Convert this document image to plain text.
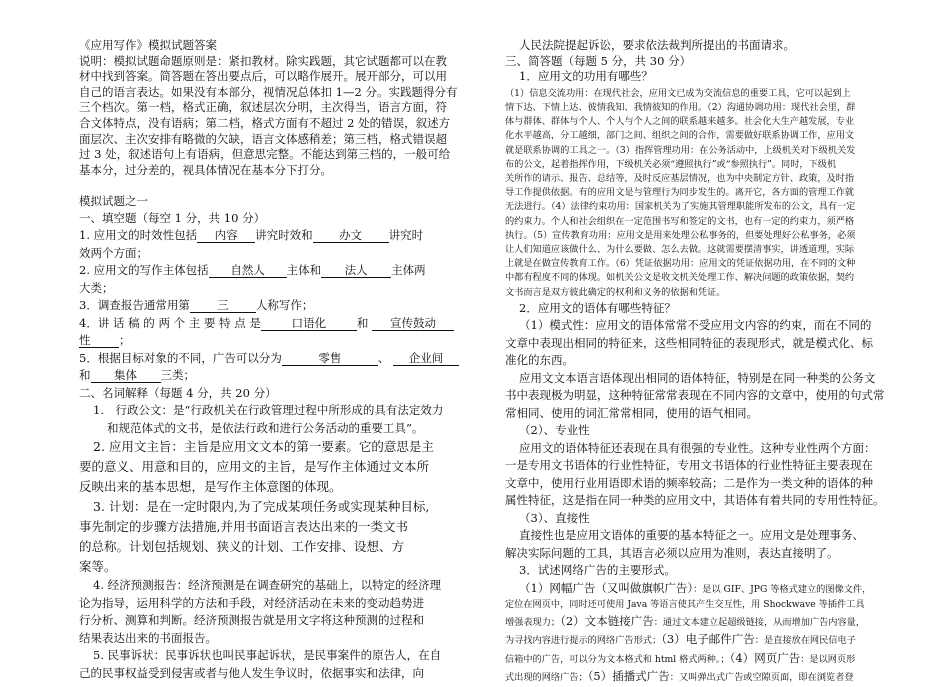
《应用写作》模拟试题答案
说明：模拟试题命题原则是：紧扣教材。除实践题，其它试题都可以在教
材中找到答案。简答题在答出要点后，可以略作展开。展开部分，可以用
自己的语言表达。如果没有本部分，视情况总体扣 1—2 分。实践题得分有
三个档次。第一档，格式正确，叙述层次分明，主次得当，语言方面，符
合文体特点，没有语病；第二档，格式方面有不超过 2 处的错误，叙述方
面层次、主次安排有略微的欠缺，语言文体感稍差；第三档，格式错误超
过 3 处，叙述语句上有语病，但意思完整。不能达到第三档的，一般可给
基本分，过分差的，视具体情况在基本分下打分。
模拟试题之一
一、填空题（每空 1 分，共 10 分）
1. 应用文的时效性包括 内容 讲究时效和 办文 讲究时
效两个方面；
2. 应用文的写作主体包括 自然人 主体和 法人 主体两
大类；
3．调查报告通常用第 三 人称写作；
4．讲 话 稿 的 两 个 主 要 特 点 是	口语化	和 宣传鼓动
性 ；
5．根据目标对象的不同，广告可以分为	零售	、 企业间
和 集体 三类；
二、名词解释（每题 4 分，共 20 分）
1.　行政公文：是“行政机关在行政管理过程中所形成的具有法定效力
和规范体式的文书，是依法行政和进行公务活动的重要工具”。
2. 应用文主旨：主旨是应用文文本的第一要素。它的意思是主
要的意义、用意和目的，应用文的主旨，是写作主体通过文本所
反映出来的基本思想，是写作主体意图的体现。
3. 计划：是在一定时限内,为了完成某项任务或实现某种目标,
事先制定的步骤方法措施,并用书面语言表达出来的一类文书
的总称。计划包括规划、狭义的计划、工作安排、设想、方
案等。
4. 经济预测报告：经济预测是在调查研究的基础上，以特定的经济理
论为指导，运用科学的方法和手段，对经济活动在未来的变动趋势进
行分析、测算和判断。经济预测报告就是用文字将这种预测的过程和
结果表达出来的书面报告。
5. 民事诉状：民事诉状也叫民事起诉状，是民事案件的原告人，在自
己的民事权益受到侵害或者与他人发生争议时，依据事实和法律，向
人民法院提起诉讼，要求依法裁判所提出的书面请求。
三、简答题（每题 5 分，共 30 分）
1．应用文的功用有哪些？
（1）信息交流功用：在现代社会，应用文已成为交流信息的重要工具，它可以起到上
情下达、下情上达、彼情我知、我情彼知的作用。（2）沟通协调功用：现代社会里，群
体与群体、群体与个人、个人与个人之间的联系越来越多。社会化大生产越发展，专业
化水平越高，分工越细，部门之间、组织之间的合作，需要做好联系协调工作，应用文
就是联系协调的工具之一。（3）指挥管理功用：在公务活动中，上级机关对下级机关发
布的公文，起着指挥作用，下级机关必须“遵照执行”或“参照执行”。同时，下级机
关所作的请示、报告、总结等，及时反应基层情况，也为中央制定方针、政策，及时指
导工作提供依据。有的应用文是与管理行为同步发生的。离开它，各方面的管理工作就
无法进行。（4）法律约束功用：国家机关为了实施其管理职能所发布的公文，具有一定
的约束力。个人和社会组织在一定范围书写和签定的文书，也有一定的约束力，须严格
执行。（5）宣传教育功用：应用文是用来处理公私事务的，但要处理好公私事务，必须
让人们知道应该做什么、为什么要做、怎么去做。这就需要摆清事实，讲透道理，实际
上就是在做宣传教育工作。（6）凭证依据功用：应用文的凭证依据功用，在不同的文种
中都有程度不同的体现。如机关公文是收文机关处理工作、解决问题的政策依据，契约
文书而言是双方彼此确定的权利和义务的依据和凭证。
2．应用文的语体有哪些特征？
（1）模式性：应用文的语体常常不受应用文内容的约束，而在不同的
文章中表现出相同的特征来，这些相同特征的表现形式，就是模式化、标
准化的东西。
应用文文本语言语体现出相同的语体特征，特别是在同一种类的公务文
书中表现极为明显，这种特征常常表现在不同内容的文章中，使用的句式常
常相同、使用的词汇常常相同，使用的语气相同。
（2）、专业性
应用文的语体特征还表现在具有很强的专业性。这种专业性两个方面：
一是专用文书语体的行业性特征，专用文书语体的行业性特征主要表现在
文章中，使用行业用语即术语的频率较高；二是作为一类文种的语体的种
属性特征，这是指在同一种类的应用文中，其语体有着共同的专用性特征。
（3）、直接性
直接性也是应用文语体的重要的基本特征之一。应用文是处理事务、
解决实际问题的工具，其语言必须以应用为准则，表达直接明了。
3．试述网络广告的主要形式。
（1）网幅广告（又叫做旗帜广告）：是以 GIF、JPG 等格式建立的图像文件，
定位在网页中，同时还可使用 Java 等语言使其产生交互性，用 Shockwave 等插件工具
增强表现力；（2）文本链接广告：通过文本建立起超级链接，从而增加广告内容量，
为寻找内容进行提示的网络广告形式；（3）电子邮件广告：是直接放在网民信电子
信箱中的广告，可以分为文本格式和 html 格式两种。；（4）网页广告：是以网页形
式出现的网络广告；（5）插播式广告：又叫弹出式广告或空隙页面，即在浏览者登
